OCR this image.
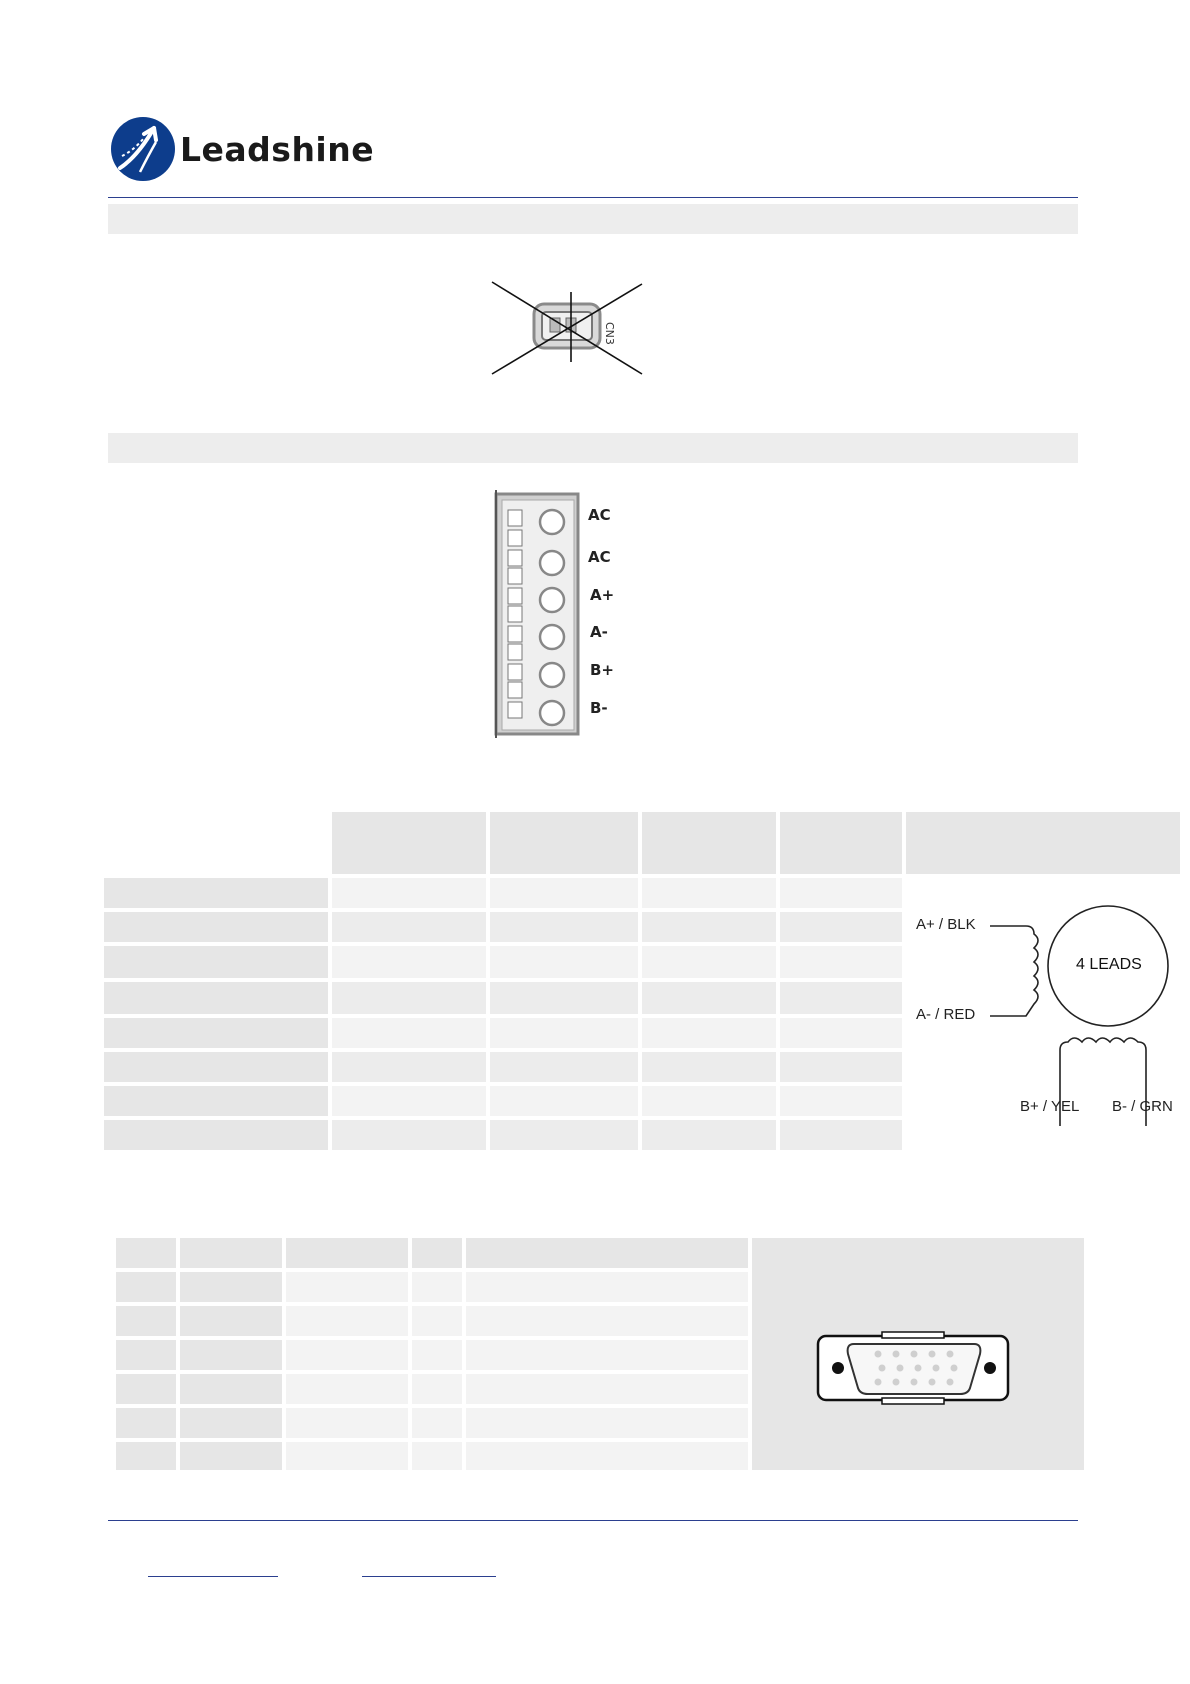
Leadshine
CN3
AC
AC
A+
A-
B+
B-
4 LEADS
A+ / BLK
A- / RED
B+ / YEL B- / GRN
